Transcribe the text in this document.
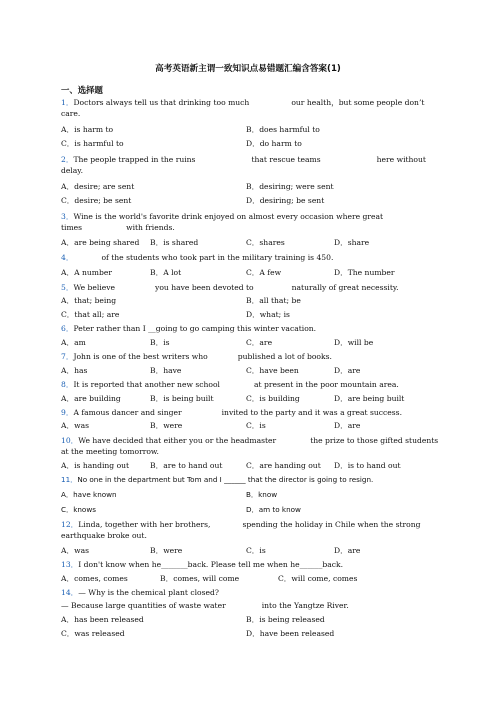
高考英语新主谓一致知识点易错题汇编含答案(1)
一、选择题
1．Doctors always tell us that drinking too much	our health，but some people don’t
care.
A．is harm to	B．does harmful to
C．is harmful to	D．do harm to
2．The people trapped in the ruins	that rescue teams	here without
delay.
A．desire; are sent	B．desiring; were sent
C．desire; be sent	D．desiring; be sent
3．Wine is the world's favorite drink enjoyed on almost every occasion where great
times	with friends.
A．are being shared B．is shared	C．shares	D．share
4．	of the students who took part in the military training is 450.
A．A number	B．A lot	C．A few	D．The number
5．We believe	you have been devoted to	naturally of great necessity.
A．that; being	B．all that; be
C．that all; are	D．what; is
6．Peter rather than I __going to go camping this winter vacation.
A．am	B．is	C．are	D．will be
7．John is one of the best writers who	published a lot of books.
A．has	B．have	C．have been	D．are
8．It is reported that another new school	at present in the poor mountain area.
A．are building	B．is being built	C．is building	D．are being built
9．A famous dancer and singer	invited to the party and it was a great success.
A．was	B．were	C．is	D．are
10．We have decided that either you or the headmaster	the prize to those gifted students
at the meeting tomorrow.
A．is handing out	B．are to hand out	C．are handing out D．is to hand out
11．No one in the department but Tom and I ______ that the director is going to resign.
A．have known	B．know
C．knows	D．am to know
12．Linda, together with her brothers,	spending the holiday in Chile when the strong
earthquake broke out.
A．was	B．were	C．is	D．are
13．I don't know when he_______back. Please tell me when he______back.
A．comes, comes	B．comes, will come	C．will come, comes
14．— Why is the chemical plant closed?
— Because large quantities of waste water	into the Yangtze River.
A．has been released	B．is being released
C．was released	D．have been released
